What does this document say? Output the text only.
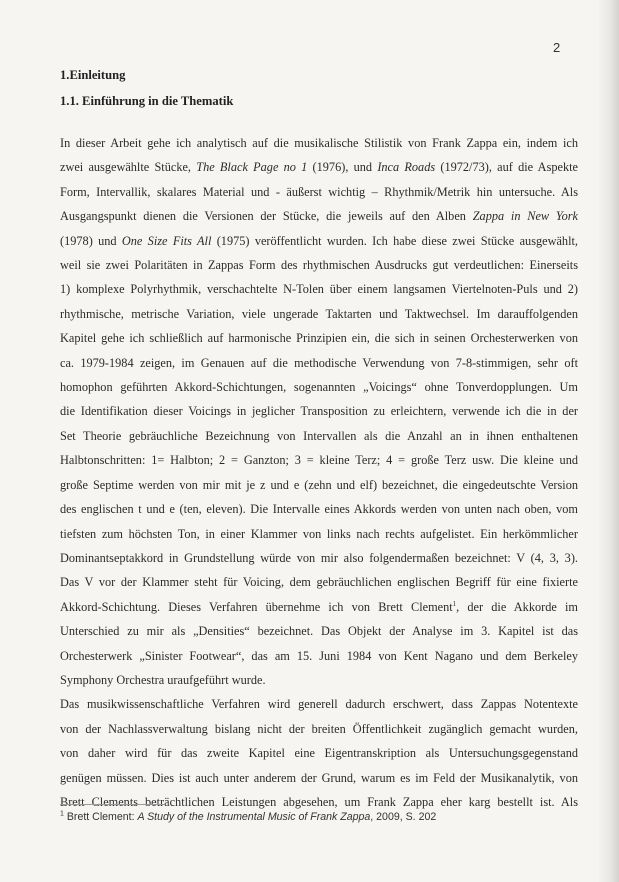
2
1.Einleitung
1.1. Einführung in die Thematik

In dieser Arbeit gehe ich analytisch auf die musikalische Stilistik von Frank Zappa ein, indem ich
zwei ausgewählte Stücke, The Black Page no 1 (1976), und Inca Roads (1972/73), auf die Aspekte
Form, Intervallik, skalares Material und - äußerst wichtig – Rhythmik/Metrik hin untersuche. Als
Ausgangspunkt dienen die Versionen der Stücke, die jeweils auf den Alben Zappa in New York
(1978) und One Size Fits All (1975) veröffentlicht wurden. Ich habe diese zwei Stücke ausgewählt,
weil sie zwei Polaritäten in Zappas Form des rhythmischen Ausdrucks gut verdeutlichen: Einerseits
1) komplexe Polyrhythmik, verschachtelte N-Tolen über einem langsamen Viertelnoten-Puls und 2)
rhythmische, metrische Variation, viele ungerade Taktarten und Taktwechsel. Im darauffolgenden
Kapitel gehe ich schließlich auf harmonische Prinzipien ein, die sich in seinen Orchesterwerken von
ca. 1979-1984 zeigen, im Genauen auf die methodische Verwendung von 7-8-stimmigen, sehr oft
homophon geführten Akkord-Schichtungen, sogenannten „Voicings“ ohne Tonverdopplungen. Um
die Identifikation dieser Voicings in jeglicher Transposition zu erleichtern, verwende ich die in der
Set Theorie gebräuchliche Bezeichnung von Intervallen als die Anzahl an in ihnen enthaltenen
Halbtonschritten: 1= Halbton; 2 = Ganzton; 3 = kleine Terz; 4 = große Terz usw. Die kleine und
große Septime werden von mir mit je z und e (zehn und elf) bezeichnet, die eingedeutschte Version
des englischen t und e (ten, eleven). Die Intervalle eines Akkords werden von unten nach oben, vom
tiefsten zum höchsten Ton, in einer Klammer von links nach rechts aufgelistet. Ein herkömmlicher
Dominantseptakkord in Grundstellung würde von mir also folgendermaßen bezeichnet: V (4, 3, 3).
Das V vor der Klammer steht für Voicing, dem gebräuchlichen englischen Begriff für eine fixierte
Akkord-Schichtung. Dieses Verfahren übernehme ich von Brett Clement$^1$, der die Akkorde im
Unterschied zu mir als „Densities“ bezeichnet. Das Objekt der Analyse im 3. Kapitel ist das
Orchesterwerk „Sinister Footwear“, das am 15. Juni 1984 von Kent Nagano und dem Berkeley
Symphony Orchestra uraufgeführt wurde.

Das musikwissenschaftliche Verfahren wird generell dadurch erschwert, dass Zappas Notentexte
von der Nachlassverwaltung bislang nicht der breiten Öffentlichkeit zugänglich gemacht wurden,
von daher wird für das zweite Kapitel eine Eigentranskription als Untersuchungsgegenstand
genügen müssen. Dies ist auch unter anderem der Grund, warum es im Feld der Musikanalytik, von
Brett Clements beträchtlichen Leistungen abgesehen, um Frank Zappa eher karg bestellt ist. Als

$^1$ Brett Clement: A Study of the Instrumental Music of Frank Zappa, 2009, S. 202
